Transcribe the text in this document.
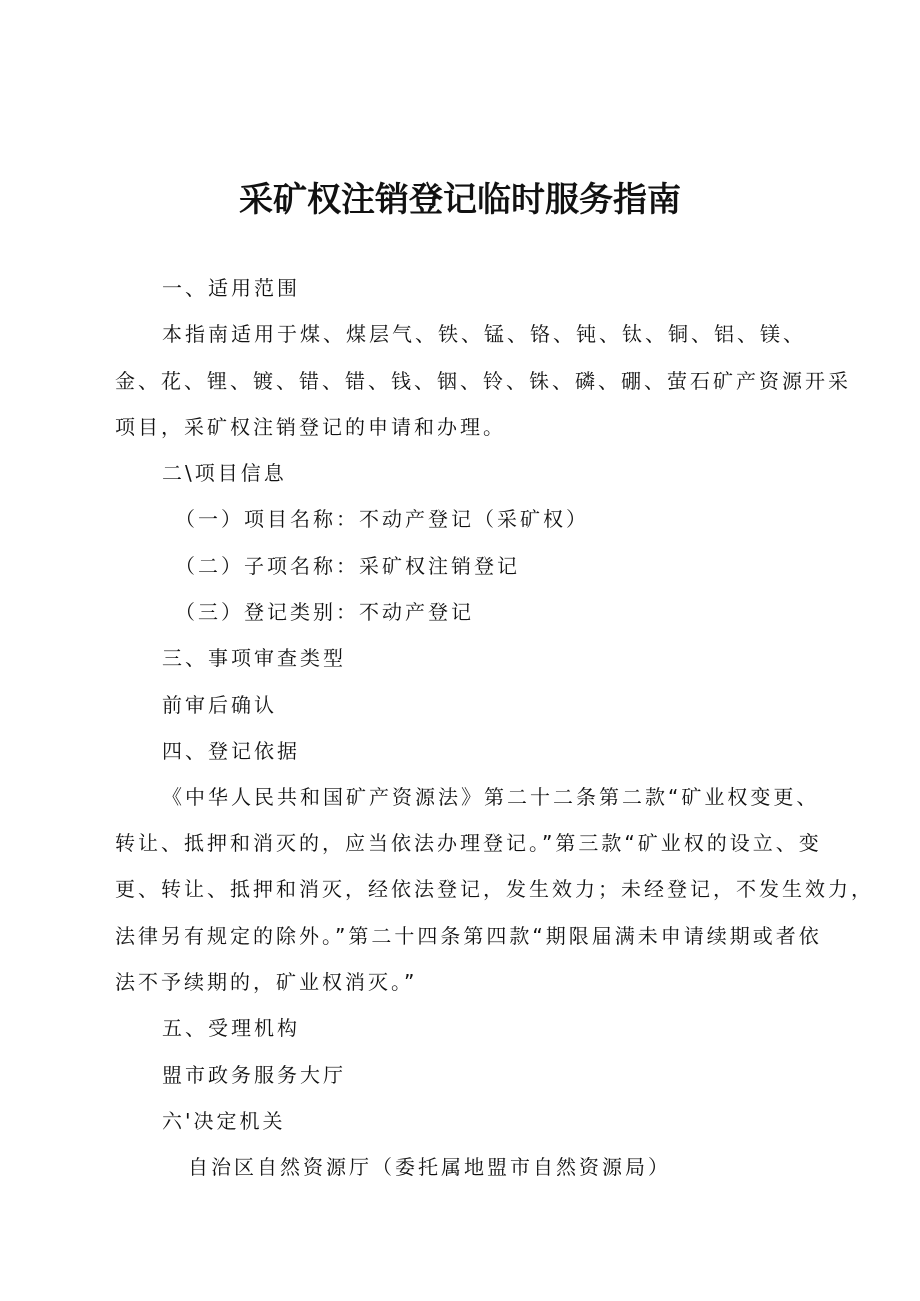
采矿权注销登记临时服务指南
一、适用范围
本指南适用于煤、煤层气、铁、锰、铬、钝、钛、铜、铝、镁、
金、花、锂、镀、错、错、钱、铟、铃、铢、磷、硼、萤石矿产资源开采
项目，采矿权注销登记的申请和办理。
二\项目信息
（一）项目名称：不动产登记（采矿权）
（二）子项名称：采矿权注销登记
（三）登记类别：不动产登记
三、事项审查类型
前审后确认
四、登记依据
《中华人民共和国矿产资源法》第二十二条第二款“矿业权变更、
转让、抵押和消灭的，应当依法办理登记。”第三款“矿业权的设立、变
更、转让、抵押和消灭，经依法登记，发生效力；未经登记，不发生效力，
法律另有规定的除外。”第二十四条第四款“期限届满未申请续期或者依
法不予续期的，矿业权消灭。”
五、受理机构
盟市政务服务大厅
六'决定机关
自治区自然资源厅（委托属地盟市自然资源局）
